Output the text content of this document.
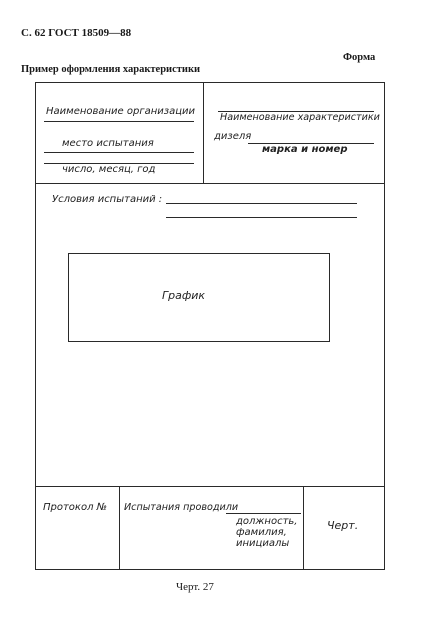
С. 62 ГОСТ 18509—88
Форма
Пример оформления характеристики
Наименование организации
место испытания
число, месяц, год
Наименование характеристики
дизеля
марка и номер
Условия испытаний :
График
Протокол № Испытания проводили
должность,
фамилия,
инициалы
Черт.
Черт. 27
